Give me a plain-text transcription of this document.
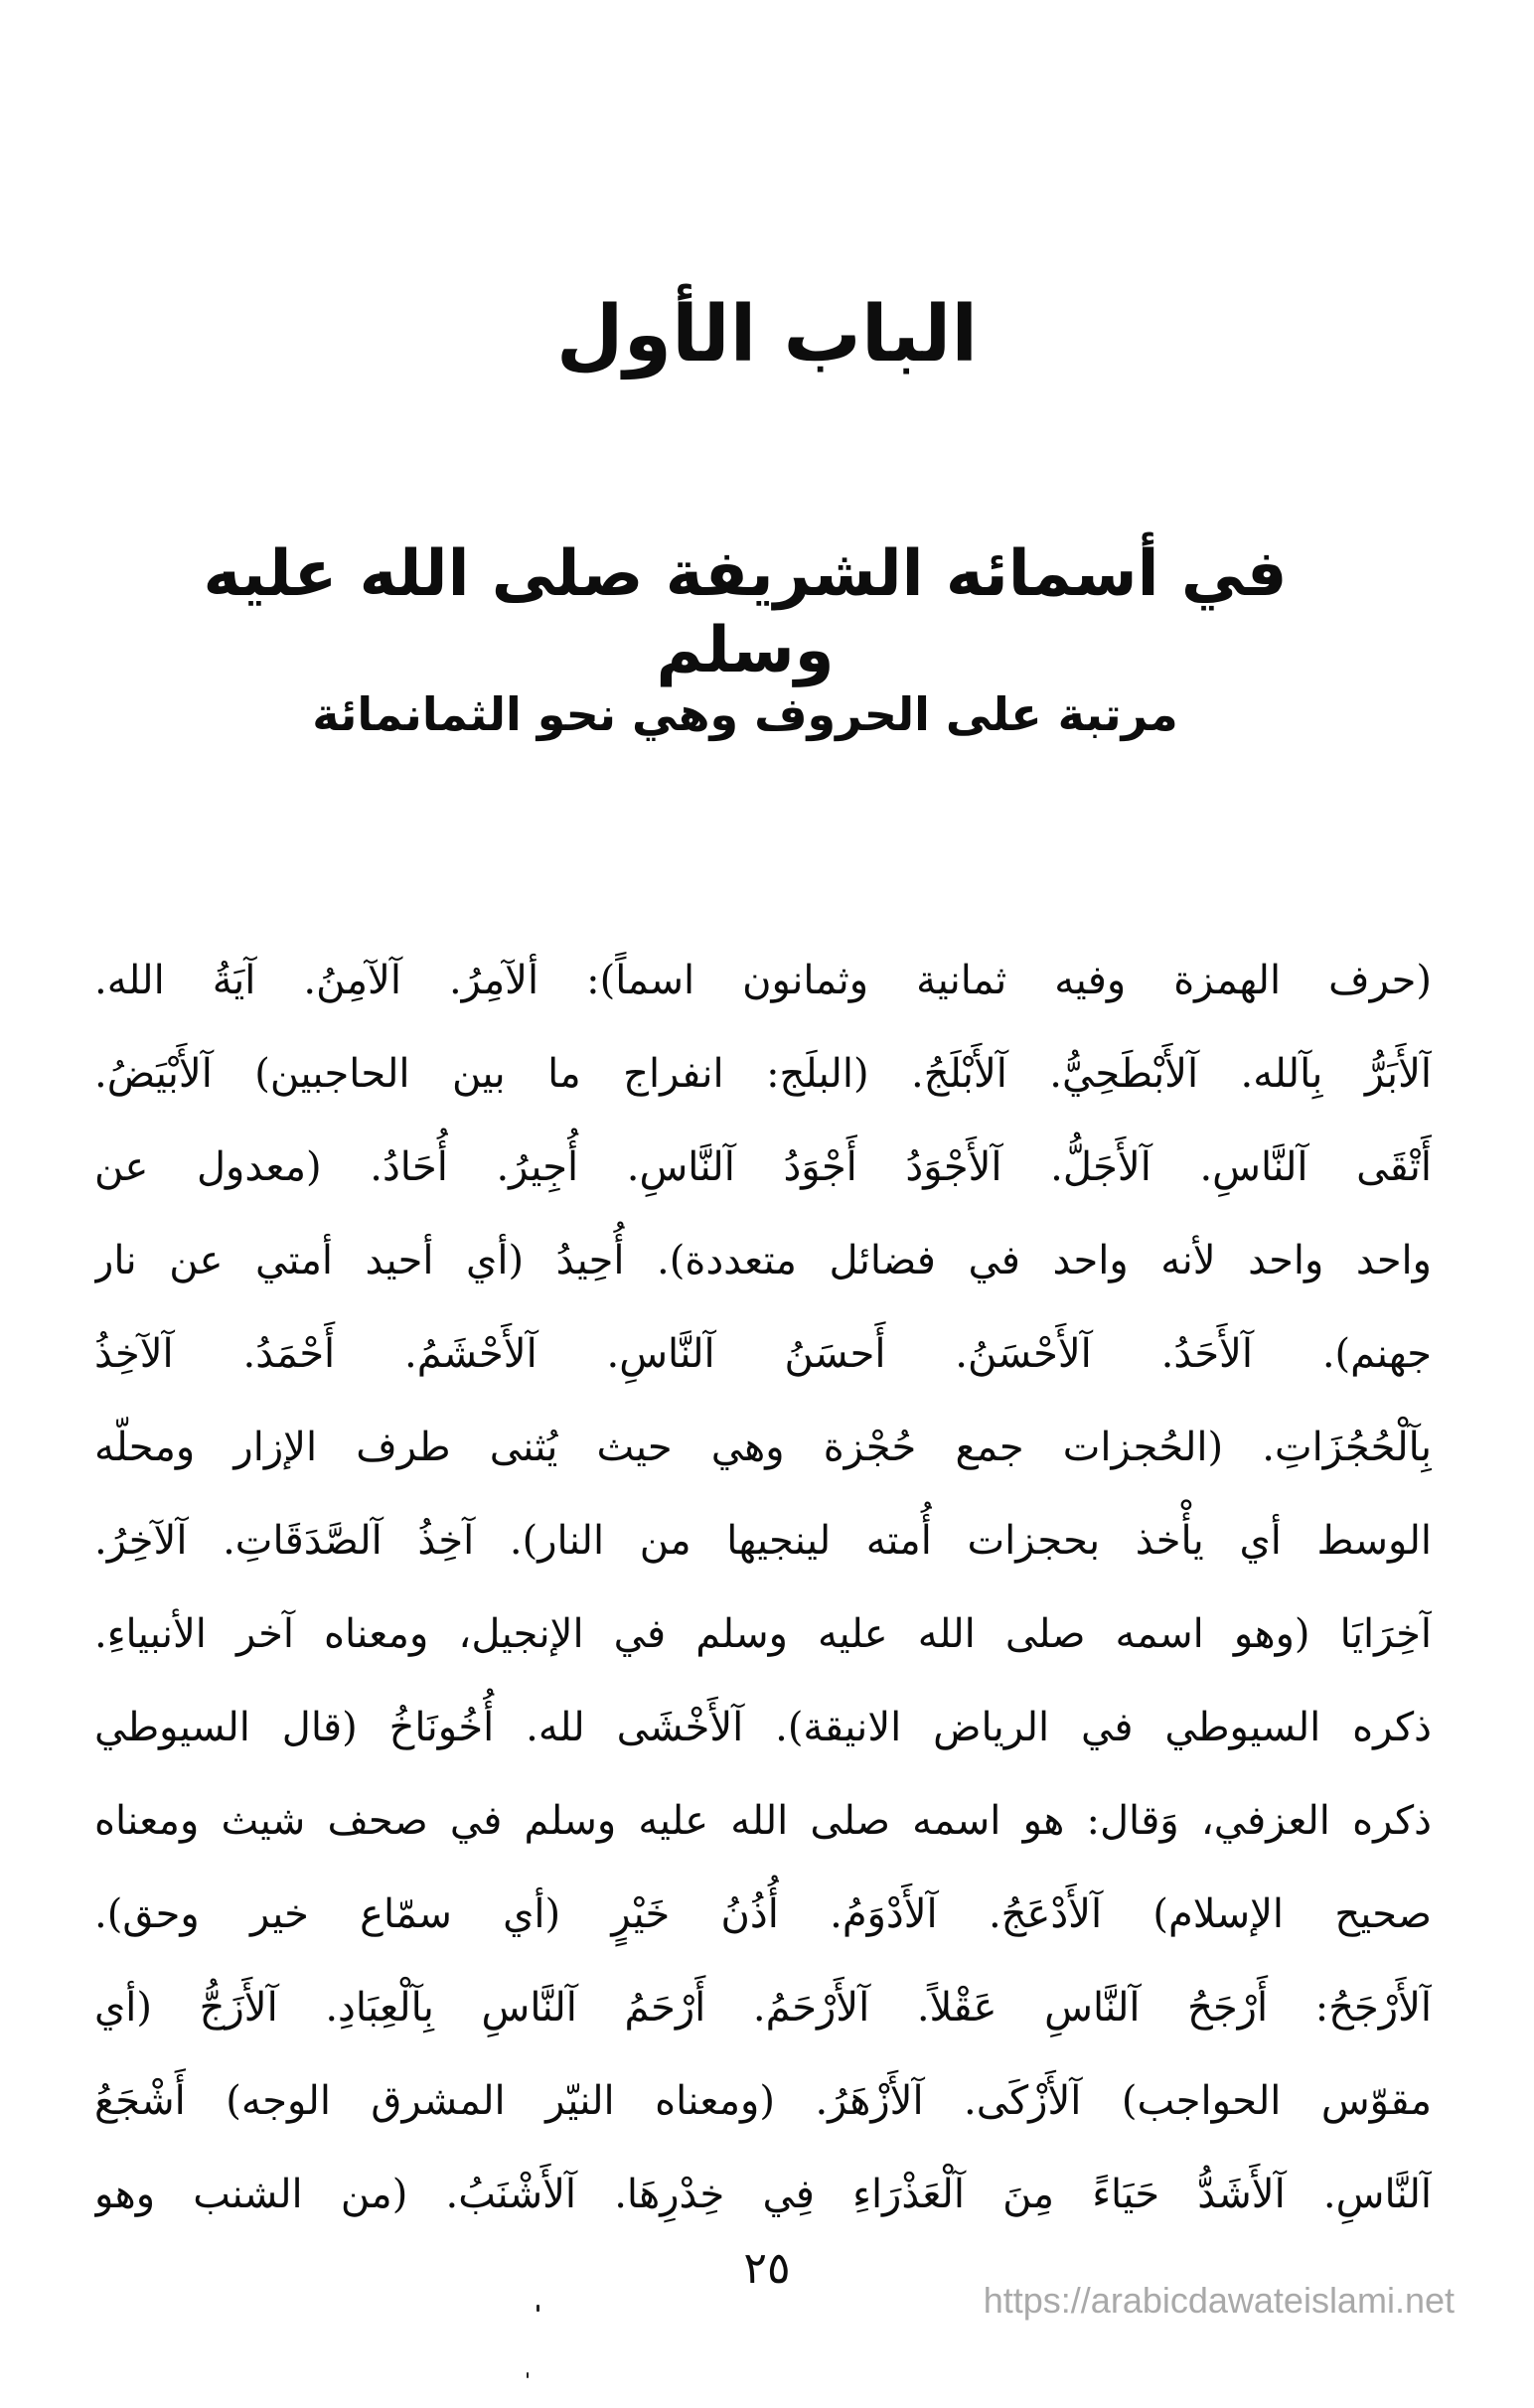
الباب الأول
في أسمائه الشريفة صلى الله عليه وسلم
مرتبة على الحروف وهي نحو الثمانمائة
(حرف الهمزة وفيه ثمانية وثمانون اسماً): ألآمِرُ. آلآمِنُ. آيَةُ الله.
آلأَبَرُّ بِآلله. آلأَبْطَحِيُّ. آلأَبْلَجُ. (البلَج: انفراج ما بين الحاجبين) آلأَبْيَضُ.
أَتْقَى آلنَّاسِ. آلأَجَلُّ. آلأَجْوَدُ أَجْوَدُ آلنَّاسِ. أُجِيرُ. أُحَادُ. (معدول عن
واحد واحد لأنه واحد في فضائل متعددة). أُحِيدُ (أي أحيد أمتي عن نار
جهنم). آلأَحَدُ. آلأَحْسَنُ. أَحسَنُ آلنَّاسِ. آلأَحْشَمُ. أَحْمَدُ. آلآخِذُ
بِآلْحُجُزَاتِ. (الحُجزات جمع حُجْزة وهي حيث يُثنى طرف الإزار ومحلّه
الوسط أي يأْخذ بحجزات أُمته لينجيها من النار). آخِذُ آلصَّدَقَاتِ. آلآخِرُ.
آخِرَايَا (وهو اسمه صلى الله عليه وسلم في الإنجيل، ومعناه آخر الأنبياءِ.
ذكره السيوطي في الرياض الانيقة). آلأَخْشَى لله. أُخُونَاخُ (قال السيوطي
ذكره العزفي، وَقال: هو اسمه صلى الله عليه وسلم في صحف شيث ومعناه
صحيح الإسلام) آلأَدْعَجُ. آلأَدْوَمُ. أُذُنُ خَيْرٍ (أي سمّاع خير وحق).
آلأَرْجَحُ: أَرْجَحُ آلنَّاسِ عَقْلاً. آلأَرْحَمُ. أَرْحَمُ آلنَّاسِ بِآلْعِبَادِ. آلأَزَجُّ (أي
مقوّس الحواجب) آلأَزْكَى. آلأَزْهَرُ. (ومعناه النيّر المشرق الوجه) أَشْجَعُ
آلنَّاسِ. آلأَشَدُّ حَيَاءً مِنَ آلْعَذْرَاءِ فِي خِدْرِهَا. آلأَشْنَبُ. (من الشنب وهو
٢٥
https://arabicdawateislami.net
